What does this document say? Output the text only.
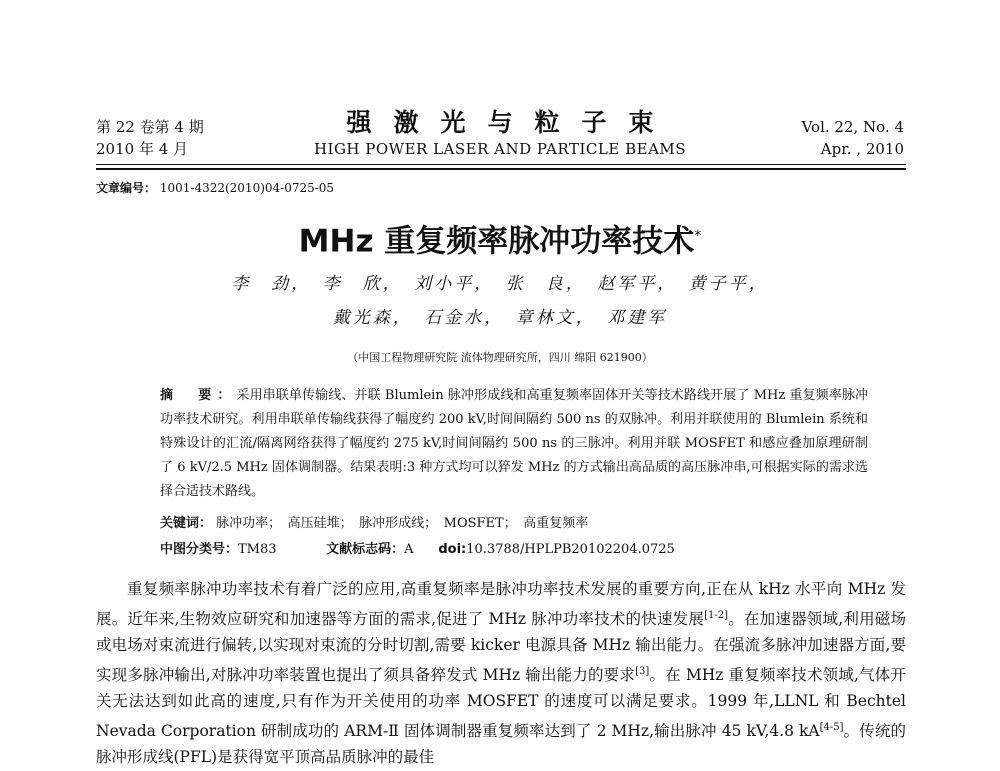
第 22 卷第 4 期
2010 年 4 月
强激光与粒子束
HIGH POWER LASER AND PARTICLE BEAMS
Vol. 22, No. 4
Apr. , 2010
文章编号： 1001-4322(2010)04-0725-05
MHz 重复频率脉冲功率技术*
李　劲，　李　欣，　刘小平，　张　良，　赵军平，　黄子平，
戴光森，　石金水，　章林文，　邓建军
（中国工程物理研究院 流体物理研究所，四川 绵阳 621900）
摘　要：采用串联单传输线、并联 Blumlein 脉冲形成线和高重复频率固体开关等技术路线开展了 MHz 重复频率脉冲功率技术研究。利用串联单传输线获得了幅度约 200 kV,时间间隔约 500 ns 的双脉冲。利用并联使用的 Blumlein 系统和特殊设计的汇流/隔离网络获得了幅度约 275 kV,时间间隔约 500 ns 的三脉冲。利用并联 MOSFET 和感应叠加原理研制了 6 kV/2.5 MHz 固体调制器。结果表明:3 种方式均可以猝发 MHz 的方式输出高品质的高压脉冲串,可根据实际的需求选择合适技术路线。
关键词： 脉冲功率；　高压硅堆；　脉冲形成线；　MOSFET；　高重复频率
中图分类号：TM83	文献标志码：A doi:10.3788/HPLPB20102204.0725

重复频率脉冲功率技术有着广泛的应用,高重复频率是脉冲功率技术发展的重要方向,正在从 kHz 水平向 MHz 发展。近年来,生物效应研究和加速器等方面的需求,促进了 MHz 脉冲功率技术的快速发展[1-2]。在加速器领域,利用磁场或电场对束流进行偏转,以实现对束流的分时切割,需要 kicker 电源具备 MHz 输出能力。在强流多脉冲加速器方面,要实现多脉冲输出,对脉冲功率装置也提出了须具备猝发式 MHz 输出能力的要求[3]。在 MHz 重复频率技术领域,气体开关无法达到如此高的速度,只有作为开关使用的功率 MOSFET 的速度可以满足要求。1999 年,LLNL 和 Bechtel Nevada Corporation 研制成功的 ARM-Ⅱ 固体调制器重复频率达到了 2 MHz,输出脉冲 45 kV,4.8 kA[4-5]。传统的脉冲形成线(PFL)是获得宽平顶高品质脉冲的最佳
